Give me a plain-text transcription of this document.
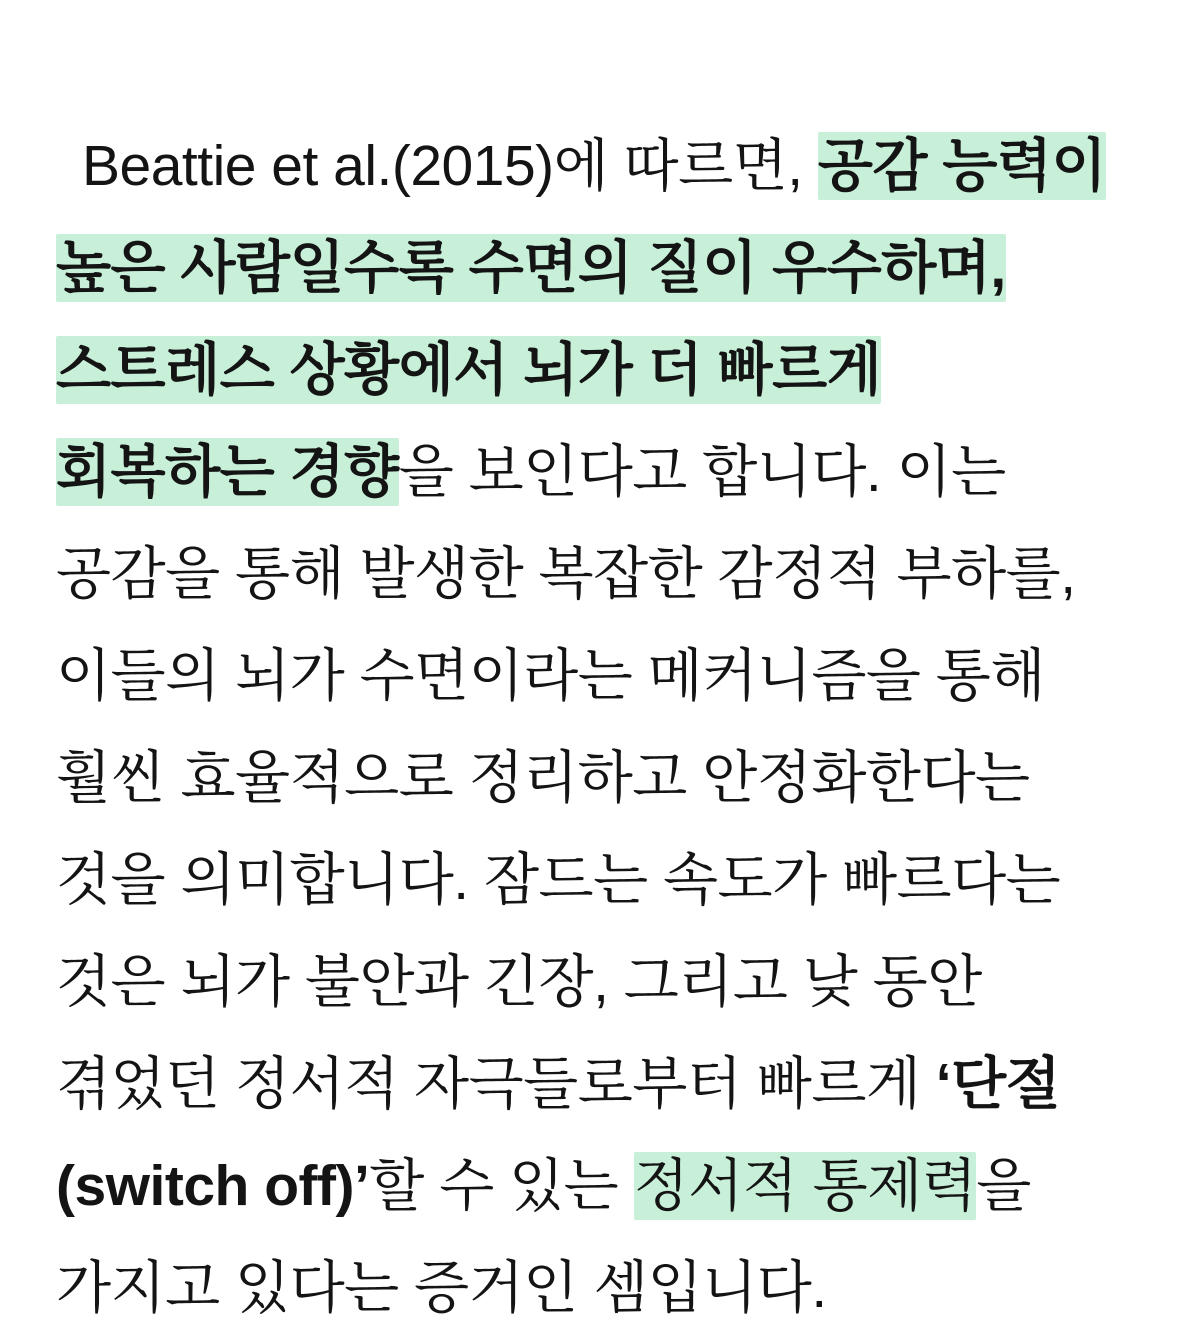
Beattie et al.(2015)에 따르면, 공감 능력이 높은 사람일수록 수면의 질이 우수하며, 스트레스 상황에서 뇌가 더 빠르게 회복하는 경향을 보인다고 합니다. 이는 공감을 통해 발생한 복잡한 감정적 부하를, 이들의 뇌가 수면이라는 메커니즘을 통해 훨씬 효율적으로 정리하고 안정화한다는 것을 의미합니다. 잠드는 속도가 빠르다는 것은 뇌가 불안과 긴장, 그리고 낮 동안 겪었던 정서적 자극들로부터 빠르게 ‘단절(switch off)’할 수 있는 정서적 통제력을 가지고 있다는 증거인 셈입니다.
